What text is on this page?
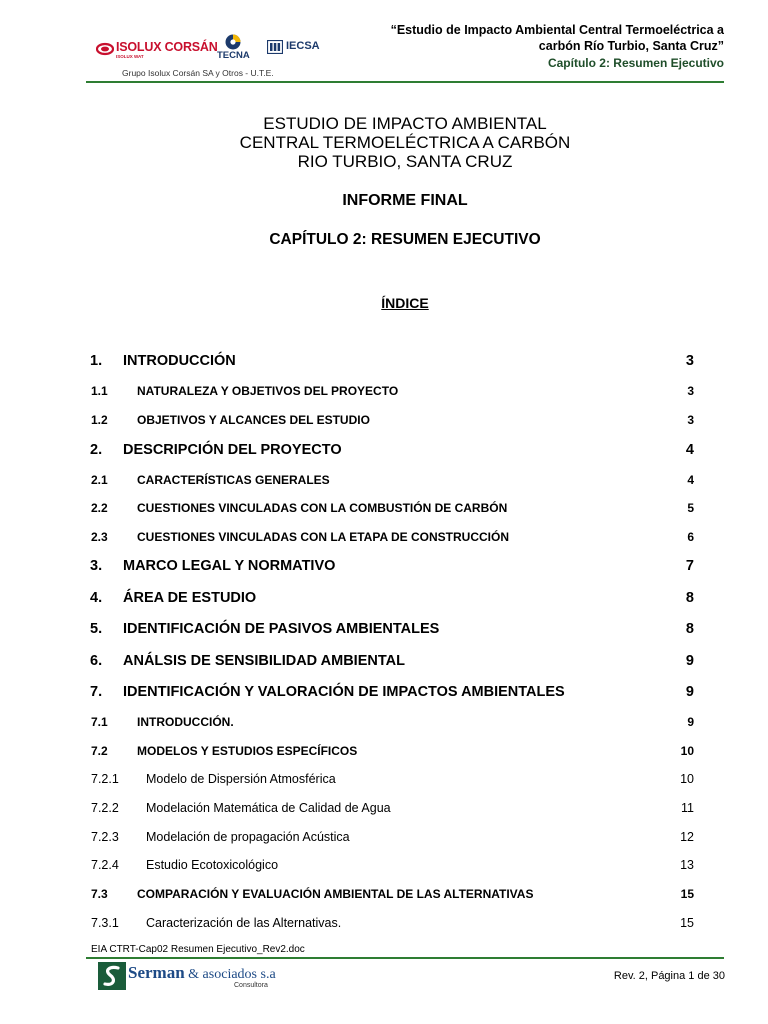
ISOLUX CORSÁN
ISOLUX WAT	TECNA
IECSA
Grupo Isolux Corsán SA y Otros - U.T.E.
“Estudio de Impacto Ambiental Central Termoeléctrica a
carbón Río Turbio, Santa Cruz”
Capítulo 2: Resumen Ejecutivo
ESTUDIO DE IMPACTO AMBIENTAL
CENTRAL TERMOELÉCTRICA A CARBÓN
RIO TURBIO, SANTA CRUZ
INFORME FINAL
CAPÍTULO 2: RESUMEN EJECUTIVO
ÍNDICE
1. INTRODUCCIÓN	3
1.1 NATURALEZA Y OBJETIVOS DEL PROYECTO	3
1.2 OBJETIVOS Y ALCANCES DEL ESTUDIO	3
2. DESCRIPCIÓN DEL PROYECTO	4
2.1 CARACTERÍSTICAS GENERALES	4
2.2 CUESTIONES VINCULADAS CON LA COMBUSTIÓN DE CARBÓN	5
2.3 CUESTIONES VINCULADAS CON LA ETAPA DE CONSTRUCCIÓN	6
3. MARCO LEGAL Y NORMATIVO	7
4. ÁREA DE ESTUDIO	8
5. IDENTIFICACIÓN DE PASIVOS AMBIENTALES	8
6. ANÁLSIS DE SENSIBILIDAD AMBIENTAL	9
7. IDENTIFICACIÓN Y VALORACIÓN DE IMPACTOS AMBIENTALES	9
7.1 INTRODUCCIÓN.	9
7.2 MODELOS Y ESTUDIOS ESPECÍFICOS	10
7.2.1 Modelo de Dispersión Atmosférica	10
7.2.2 Modelación Matemática de Calidad de Agua	11
7.2.3 Modelación de propagación Acústica	12
7.2.4 Estudio Ecotoxicológico	13
7.3 COMPARACIÓN Y EVALUACIÓN AMBIENTAL DE LAS ALTERNATIVAS	15
7.3.1 Caracterización de las Alternativas.	15
EIA CTRT-Cap02 Resumen Ejecutivo_Rev2.doc
Serman & asociados s.a
Consultora
Rev. 2, Página 1 de 30
